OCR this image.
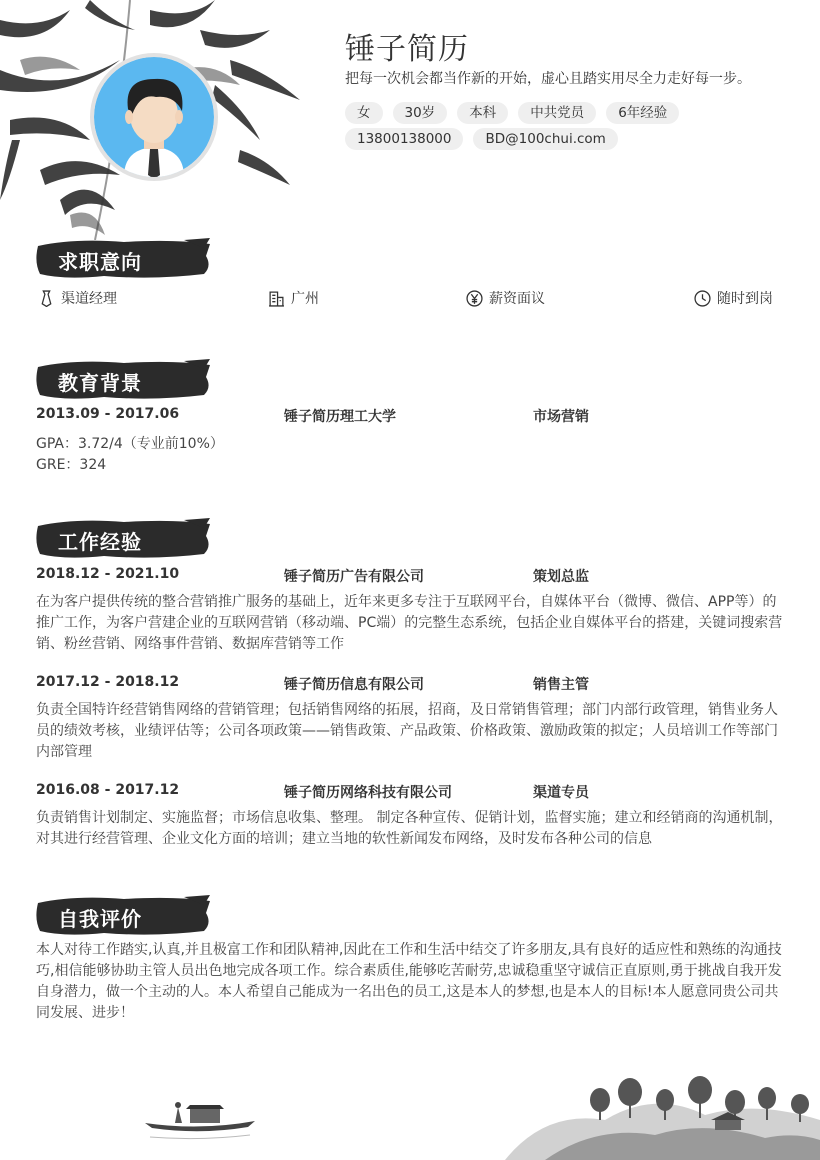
锤子简历
把每一次机会都当作新的开始，虚心且踏实用尽全力走好每一步。
女	30岁	本科	中共党员	6年经验
13800138000	BD@100chui.com
求职意向
渠道经理	广州	薪资面议	随时到岗
教育背景
2013.09 - 2017.06	锤子简历理工大学	市场营销
GPA：3.72/4（专业前10%）
GRE：324
工作经验
2018.12 - 2021.10	锤子简历广告有限公司	策划总监
在为客户提供传统的整合营销推广服务的基础上，近年来更多专注于互联网平台，自媒体平台（微博、微信、APP等）的推广工作，为客户营建企业的互联网营销（移动端、PC端）的完整生态系统，包括企业自媒体平台的搭建，关键词搜索营销、粉丝营销、网络事件营销、数据库营销等工作
2017.12 - 2018.12	锤子简历信息有限公司	销售主管
负责全国特许经营销售网络的营销管理；包括销售网络的拓展，招商，及日常销售管理；部门内部行政管理，销售业务人员的绩效考核，业绩评估等；公司各项政策——销售政策、产品政策、价格政策、激励政策的拟定；人员培训工作等部门内部管理
2016.08 - 2017.12	锤子简历网络科技有限公司	渠道专员
负责销售计划制定、实施监督；市场信息收集、整理。 制定各种宣传、促销计划，监督实施；建立和经销商的沟通机制，对其进行经营管理、企业文化方面的培训；建立当地的软性新闻发布网络，及时发布各种公司的信息
自我评价
本人对待工作踏实,认真,并且极富工作和团队精神,因此在工作和生活中结交了许多朋友,具有良好的适应性和熟练的沟通技巧,相信能够协助主管人员出色地完成各项工作。综合素质佳,能够吃苦耐劳,忠诚稳重坚守诚信正直原则,勇于挑战自我开发自身潜力，做一个主动的人。本人希望自己能成为一名出色的员工,这是本人的梦想,也是本人的目标!本人愿意同贵公司共同发展、进步！
